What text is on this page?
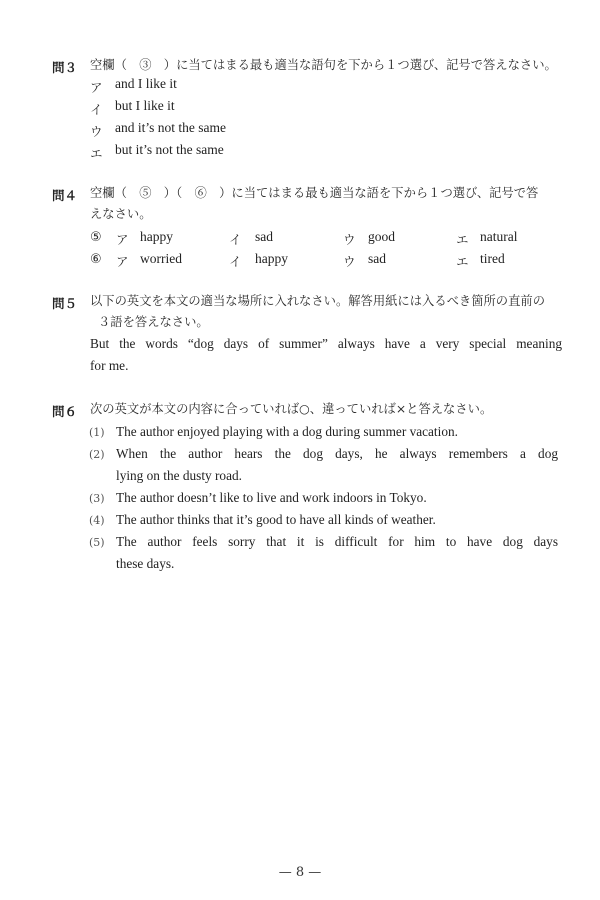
問３ 空欄（　③　）に当てはまる最も適当な語句を下から１つ選び、記号で答えなさい。
ア and I like it
イ but I like it
ウ and it’s not the same
エ but it’s not the same
問４ 空欄（　⑤　）（　⑥　）に当てはまる最も適当な語を下から１つ選び、記号で答
えなさい。
⑤ ア happy	イ sad	ウ good	エ natural
⑥ ア worried	イ happy	ウ sad	エ tired
問５ 以下の英文を本文の適当な場所に入れなさい。解答用紙には入るべき箇所の直前の
３語を答えなさい。
But the words “dog days of summer” always have a very special meaning
for me.
問６ 次の英文が本文の内容に合っていれば○、違っていれば×と答えなさい。
(1) The author enjoyed playing with a dog during summer vacation.
(2) When the author hears the dog days, he always remembers a dog
lying on the dusty road.
(3) The author doesn’t like to live and work indoors in Tokyo.
(4) The author thinks that it’s good to have all kinds of weather.
(5) The author feels sorry that it is difficult for him to have dog days
these days.
— 8 —
